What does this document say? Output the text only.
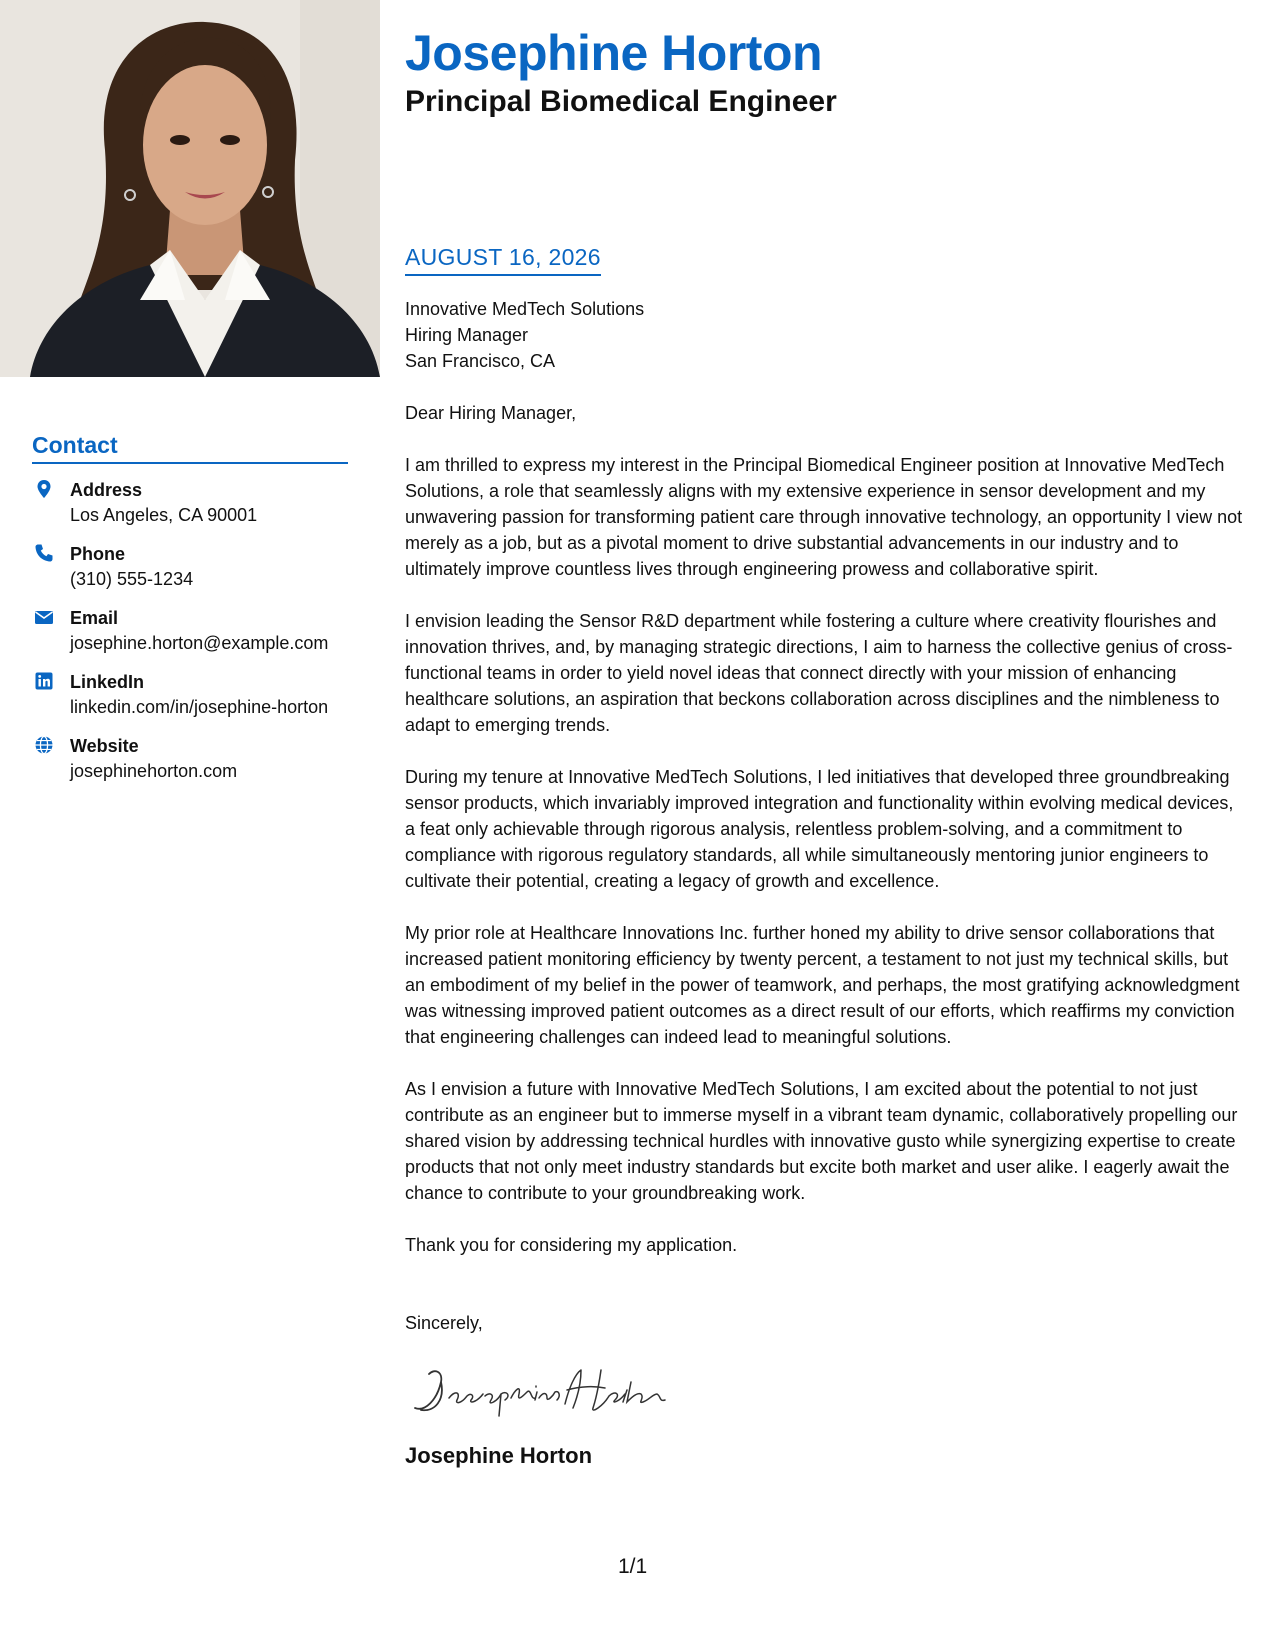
Contact
Address
Los Angeles, CA 90001
Phone
(310) 555-1234
Email
josephine.horton@example.com
LinkedIn
linkedin.com/in/josephine-horton
Website
josephinehorton.com
Josephine Horton
Principal Biomedical Engineer
AUGUST 16, 2026
Innovative MedTech Solutions
Hiring Manager
San Francisco, CA
Dear Hiring Manager,

I am thrilled to express my interest in the Principal Biomedical Engineer position at Innovative MedTech Solutions, a role that seamlessly aligns with my extensive experience in sensor development and my unwavering passion for transforming patient care through innovative technology, an opportunity I view not merely as a job, but as a pivotal moment to drive substantial advancements in our industry and to ultimately improve countless lives through engineering prowess and collaborative spirit.

I envision leading the Sensor R&D department while fostering a culture where creativity flourishes and innovation thrives, and, by managing strategic directions, I aim to harness the collective genius of cross-functional teams in order to yield novel ideas that connect directly with your mission of enhancing healthcare solutions, an aspiration that beckons collaboration across disciplines and the nimbleness to adapt to emerging trends.

During my tenure at Innovative MedTech Solutions, I led initiatives that developed three groundbreaking sensor products, which invariably improved integration and functionality within evolving medical devices, a feat only achievable through rigorous analysis, relentless problem-solving, and a commitment to compliance with rigorous regulatory standards, all while simultaneously mentoring junior engineers to cultivate their potential, creating a legacy of growth and excellence.

My prior role at Healthcare Innovations Inc. further honed my ability to drive sensor collaborations that increased patient monitoring efficiency by twenty percent, a testament to not just my technical skills, but an embodiment of my belief in the power of teamwork, and perhaps, the most gratifying acknowledgment was witnessing improved patient outcomes as a direct result of our efforts, which reaffirms my conviction that engineering challenges can indeed lead to meaningful solutions.

As I envision a future with Innovative MedTech Solutions, I am excited about the potential to not just contribute as an engineer but to immerse myself in a vibrant team dynamic, collaboratively propelling our shared vision by addressing technical hurdles with innovative gusto while synergizing expertise to create products that not only meet industry standards but excite both market and user alike. I eagerly await the chance to contribute to your groundbreaking work.

Thank you for considering my application.

Sincerely,
Josephine Horton
1/1
